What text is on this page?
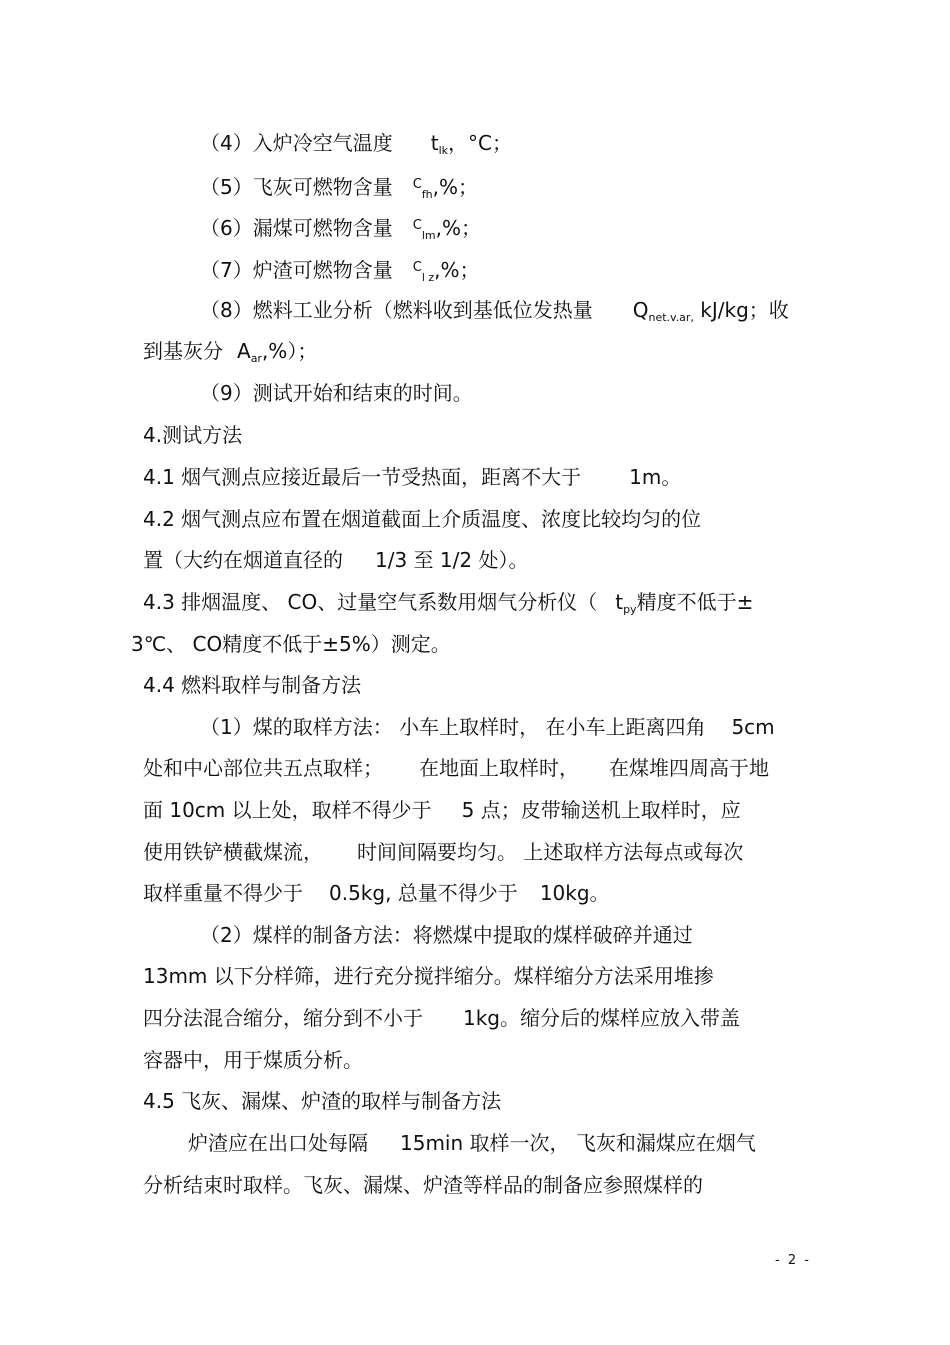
（4）入炉冷空气温度 $t_{lk}$，°C；
（5）飞灰可燃物含量 $^C_{fh}$,%；
（6）漏煤可燃物含量 $^C_{lm}$,%；
（7）炉渣可燃物含量 $^C_{l z}$,%；
（8）燃料工业分析（燃料收到基低位发热量 $Q_{net.v.ar,}$ kJ/kg；收
到基灰分 $A_{ar},\%$）；
（9）测试开始和结束的时间。
4.测试方法
4.1 烟气测点应接近最后一节受热面，距离不大于 1m。
4.2 烟气测点应布置在烟道截面上介质温度、浓度比较均匀的位
置（大约在烟道直径的 1/3 至 1/2 处）。
4.3 排烟温度、 CO、过量空气系数用烟气分析仪（ $t_{py}$精度不低于±
3℃、 CO精度不低于±5%）测定。
4.4 燃料取样与制备方法
（1）煤的取样方法： 小车上取样时， 在小车上距离四角 5cm
处和中心部位共五点取样； 在地面上取样时， 在煤堆四周高于地
面 10cm 以上处，取样不得少于 5 点；皮带输送机上取样时，应
使用铁铲横截煤流， 时间间隔要均匀。 上述取样方法每点或每次
取样重量不得少于 0.5kg, 总量不得少于 10kg。
（2）煤样的制备方法：将燃煤中提取的煤样破碎并通过
13mm 以下分样筛，进行充分搅拌缩分。煤样缩分方法采用堆掺
四分法混合缩分，缩分到不小于 1kg。缩分后的煤样应放入带盖
容器中，用于煤质分析。
4.5 飞灰、漏煤、炉渣的取样与制备方法
炉渣应在出口处每隔 15min 取样一次， 飞灰和漏煤应在烟气
分析结束时取样。飞灰、漏煤、炉渣等样品的制备应参照煤样的
- 2 -
